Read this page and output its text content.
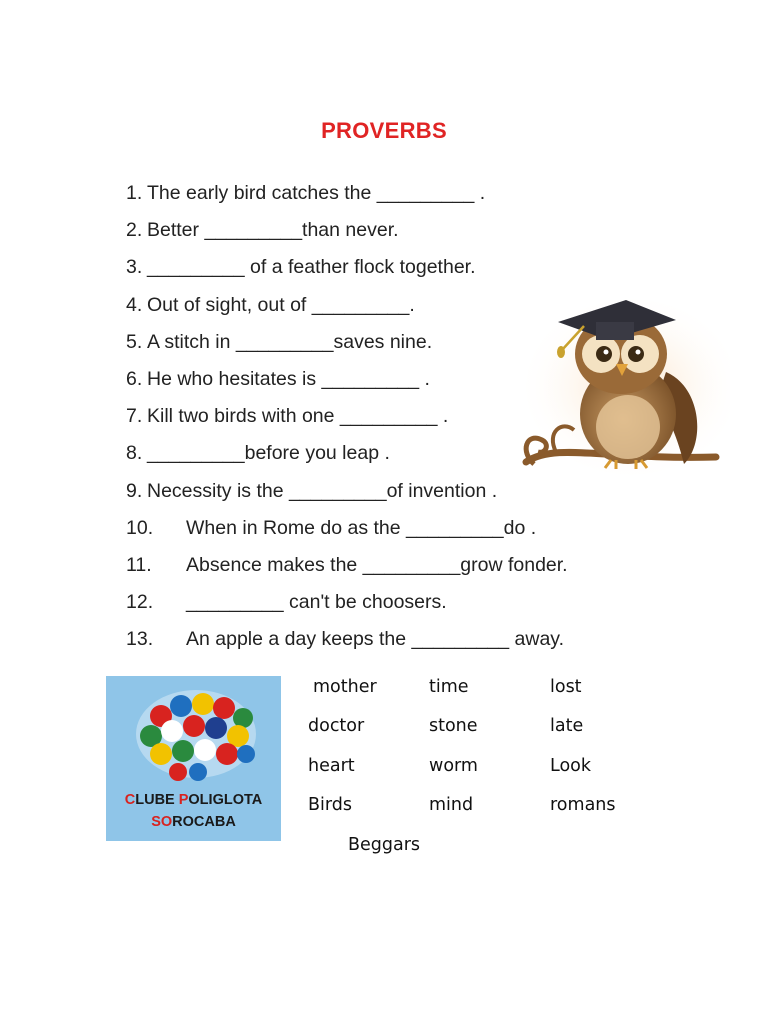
PROVERBS
1. The early bird catches the _________ .
2. Better _________than never.
3. _________ of a feather flock together.
4. Out of sight, out of _________.
5. A stitch in _________saves nine.
6. He who hesitates is _________ .
7. Kill two birds with one _________ .
8. _________before you leap .
9. Necessity is the _________of invention .
10. When in Rome do as the _________do .
11. Absence makes the _________grow fonder.
12. _________ can't be choosers.
13. An apple a day keeps the _________ away.
CLUBE POLIGLOTA
SOROCABA
mother	time	lost
doctor	stone	late
heart	worm	Look
Birds	mind	romans
Beggars
